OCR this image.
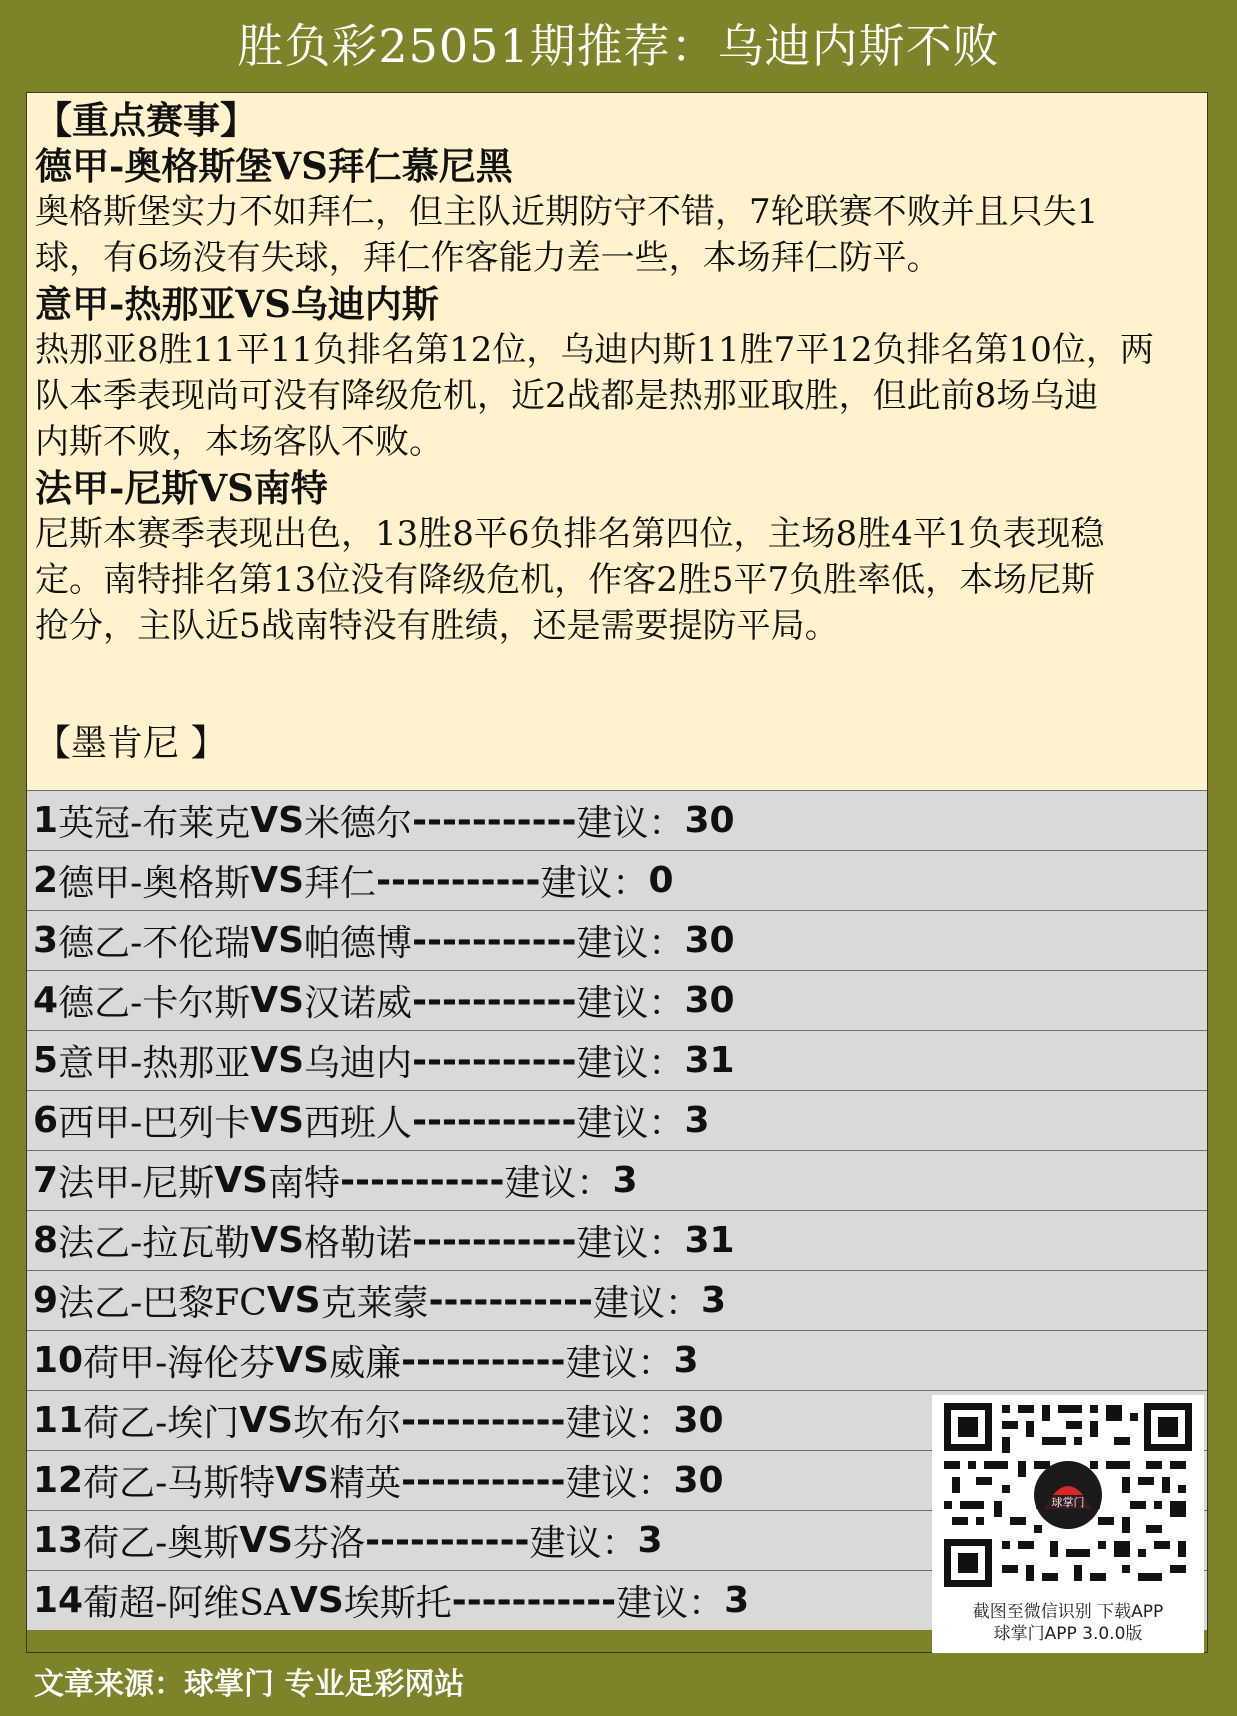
胜负彩25051期推荐：乌迪内斯不败

【重点赛事】

德甲-奥格斯堡VS拜仁慕尼黑

奥格斯堡实力不如拜仁，但主队近期防守不错，7轮联赛不败并且只失1

球，有6场没有失球，拜仁作客能力差一些，本场拜仁防平。

意甲-热那亚VS乌迪内斯

热那亚8胜11平11负排名第12位，乌迪内斯11胜7平12负排名第10位，两

队本季表现尚可没有降级危机，近2战都是热那亚取胜，但此前8场乌迪

内斯不败，本场客队不败。

法甲-尼斯VS南特

尼斯本赛季表现出色，13胜8平6负排名第四位，主场8胜4平1负表现稳

定。南特排名第13位没有降级危机，作客2胜5平7负胜率低，本场尼斯

抢分，主队近5战南特没有胜绩，还是需要提防平局。

【墨肯尼 】

1 英冠- 布莱克 VS 米德尔 ----------- 建议： 30
2 德甲- 奥格斯 VS 拜仁 ----------- 建议： 0
3 德乙- 不伦瑞 VS 帕德博 ----------- 建议： 30
4 德乙- 卡尔斯 VS 汉诺威 ----------- 建议： 30
5 意甲- 热那亚 VS 乌迪内 ----------- 建议： 31
6 西甲- 巴列卡 VS 西班人 ----------- 建议： 3
7 法甲- 尼斯 VS 南特 ----------- 建议： 3
8 法乙- 拉瓦勒 VS 格勒诺 ----------- 建议： 31
9 法乙- 巴黎FC VS 克莱蒙 ----------- 建议： 3
10 荷甲- 海伦芬 VS 威廉 ----------- 建议： 3
11 荷乙- 埃门 VS 坎布尔 ----------- 建议： 30
12 荷乙- 马斯特 VS 精英 ----------- 建议： 30
13 荷乙- 奥斯 VS 芬洛 ----------- 建议： 3
14 葡超- 阿维SA VS 埃斯托 ----------- 建议： 3
球掌门
截图至微信识别 下载APP
球掌门APP 3.0.0版
文章来源：球掌门 专业足彩网站
